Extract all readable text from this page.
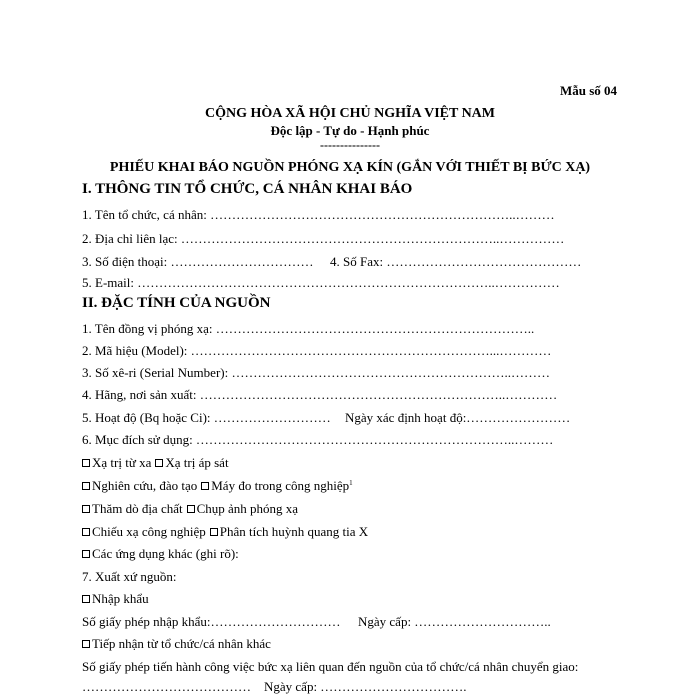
Mẫu số 04
CỘNG HÒA XÃ HỘI CHỦ NGHĨA VIỆT NAM
Độc lập - Tự do - Hạnh phúc
---------------
PHIẾU KHAI BÁO NGUỒN PHÓNG XẠ KÍN (GẮN VỚI THIẾT BỊ BỨC XẠ)
I. THÔNG TIN TỔ CHỨC, CÁ NHÂN KHAI BÁO
1. Tên tổ chức, cá nhân: ……………………………………………………………..………
2. Địa chỉ liên lạc: ………………………………………………………………..……………
3. Số điện thoại: …………………………… 4. Số Fax: ………………………………………
5. E-mail: ………………………………………………………………………..……………
II. ĐẶC TÍNH CỦA NGUỒN
1. Tên đồng vị phóng xạ: ………………………………………………………………..
2. Mã hiệu (Model): ……………………………………………………………...…………
3. Số xê-ri (Serial Number): ………………………………………………………..………
4. Hãng, nơi sản xuất: ……………………………………………………………..…………
5. Hoạt độ (Bq hoặc Ci): ……………………… Ngày xác định hoạt độ:……………………
6. Mục đích sử dụng: ………………………………………………………………..………
Xạ trị từ xa Xạ trị áp sát
Nghiên cứu, đào tạo Máy đo trong công nghiệp$^1$
Thăm dò địa chất Chụp ảnh phóng xạ
Chiếu xạ công nghiệp Phân tích huỳnh quang tia X
Các ứng dụng khác (ghi rõ):
7. Xuất xứ nguồn:
Nhập khẩu
Số giấy phép nhập khẩu:………………………… Ngày cấp: …………………………..
Tiếp nhận từ tổ chức/cá nhân khác
Số giấy phép tiến hành công việc bức xạ liên quan đến nguồn của tổ chức/cá nhân chuyển giao:
………………………………… Ngày cấp: …………………………….
